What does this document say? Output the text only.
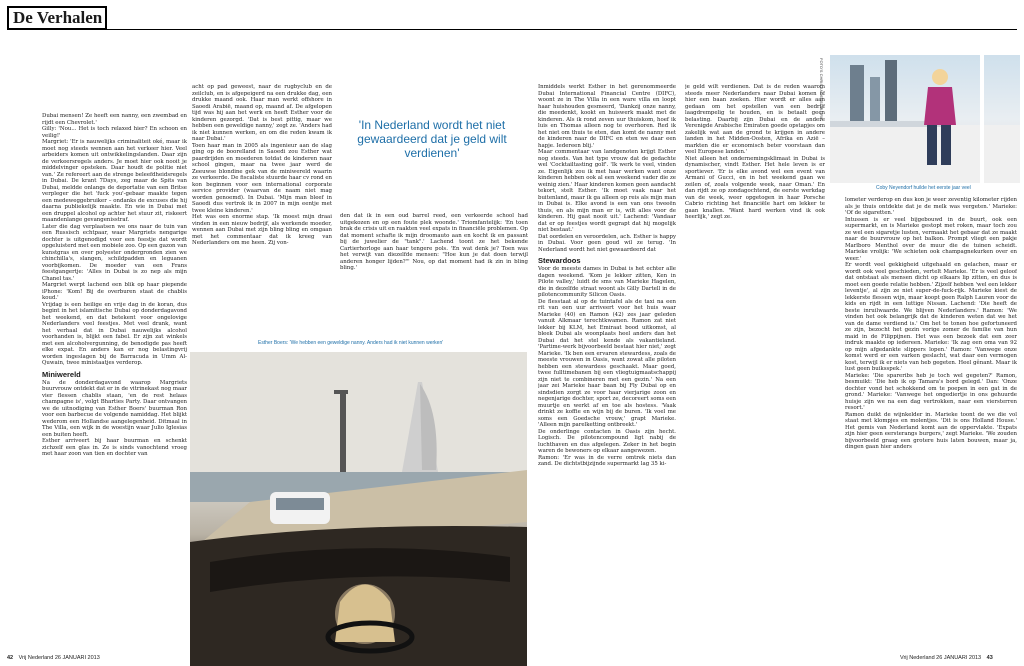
De Verhalen

Dubai mensen! Ze heeft een nanny, een zwembad en rijdt een Chevrolet.'

Gilly: 'Nou... Het is toch relaxed hier? En schoon en veilig!'

Margriet: 'Er is nauwelijks criminaliteit oké, maar ik moet nog steeds wennen aan het verkeer hier. Veel arbeiders komen uit ontwikkelingslanden. Daar zijn de verkeersregels anders. Je moet hier ook nooit je middelvinger opsteken. Daar houdt de politie niet van.' Ze refereert aan de strenge beleefdheidsregels in Dubai. De krant 7Days, zeg maar de Spits van Dubai, meldde onlangs de deportatie van een Britse verpleger die het 'fuck you'-gebaar maakte tegen een medeweggebruiker – ondanks de excuses die hij daarna publiekelijk maakte. En wie in Dubai met een druppel alcohol op achter het stuur zit, riskeert maandenlange gevangenisstraf.

Later die dag verplaatsen we ons naar de tuin van een Russisch echtpaar, waar Margriets nengarige dochter is uitgenodigd voor een feestje dat wordt opgeluisterd met een mobiele zoo. Op een gazon van kunstgras en over polyester ondergronden zien we chinchilla's, slangen, schildpadden en leguanen voorbijkomen. De moeder van een Frans feestgangertje: 'Alles in Dubai is zo nep als mijn Chanel tas.'

Margriet werpt lachend een blik op haar piepende iPhone: 'Kom! Bij de overburen staat de chablis koud.'

Vrijdag is een heilige en vrije dag in de koran, dus begint in het islamitische Dubai op donderdagavond het weekend, en dat betekent voor ongelovige Nederlanders veel feestjes. Met veel drank, want het verhaal dat in Dubai nauwelijks alcohol voorhanden is, blijkt een fabel. Er zijn zat winkels met een alcoholvergunning, de benodigde pas heeft elke expat. En anders kan er nog belastingvrij worden ingeslagen bij de Barracuda in Umm Al-Quwain, twee ministaatjes verderop.

Miniwereld

Na de donderdagavond waarop Margriets buurvrouw ontdekt dat er in de vitrinekast nog maar vier flessen chablis staan, 'en de rest helaas champagne is', volgt Bharties Party. Daar ontvangen we de uitnodiging van Esther Boers' buurman Ron voor een barbecue de volgende namiddag. Het blijkt wederom een Hollandse aangelegenheid. Ditmaal in The Villa, een wijk in de woestijn waar Julio Iglesias een buiten heeft.

Esther arriveert bij haar buurman en schenkt zichzelf een glas in. Ze is sinds vanochtend vroeg met haar zoon van tien en dochter van

acht op pad geweest, naar de rugbyclub en de zeilclub, en is afgepeigerd na een drukke dag, een drukke maand ook. Haar man werkt offshore in Saoedi Arabië, maand op, maand af. De afgelopen tijd was hij aan het werk en heeft Esther voor de kinderen gezorgd. 'Dat is best pittig, maar we hebben een geweldige nanny,' zegt ze. 'Anders had ik niet kunnen werken, en om die reden kwam ik naar Dubai.'

Toen haar man in 2005 als ingenieur aan de slag ging op de boorelland in Saoedi zou Esther wat paardrijden en moederen totdat de kinderen naar school gingen, maar na twee jaar werd de Zeeuwse blondine gek van de miniwereld waarin ze verkeerde. De fiscaliste stuurde haar cv rond en kon beginnen voor een international corporate service provider (waarvan de naam niet mag worden genoemd). In Dubai. 'Mijn man bleef in Saoedi dus vertrok ik in 2007 in mijn eentje met twee kleine kinderen.'

Het was een enorme stap. 'Ik moest mijn draai vinden in een nieuw bedrijf, als werkende moeder, wennen aan Dubai met zijn bling bling en omgaan met het commentaar dat ik kreeg van Nederlanders om me heen. Zij von-

'In Nederland wordt het niet gewaardeerd dat je geld wilt verdienen'

den dat ik in een oud barrel reed, een verkeerde school had uitgekozen en op een foute plek woonde.' Triomfantelijk: 'En toen brak de crisis uit en raakten veel expats in financiële problemen. Op dat moment schafte ik mijn droomauto aan en kocht ik en passant bij de juwelier de "tank".' Lachend toont ze het bekende Cartierhorloge aan haar tengere pols. 'En wat denk je? Toen was het verwijt van diezelfde mensen: "Hoe kun je dat doen terwijl anderen honger lijden?"' Nou, op dat moment had ik zin in bling bling.'

Esther Boers: 'We hebben een geweldige nanny. Anders had ik niet kunnen werken'

Inmiddels werkt Esther in het gerenommeerde Dubai International Financial Centre (DIFC), woont ze in The Villa in een ware villa en loopt haar huishouden gesmeerd, 'Dankzij onze nanny, die meedenkt, kookt en huiswerk maakt met de kinderen. Als ik rond zeven uur thuiskom, hoef ik luis en Thomas alleen nog te overhoren. Red ik het niet om thuis te eten, dan komt de nanny met de kinderen naar de DIFC en eten we daar een hapje. Iedereen blij.'

Maar commentaar van landgenoten krijgt Esther nog steeds. Van het type vrouw dat de gedachte wel 'Cocktailtasting golf'. 'Ik werk te veel, vinden ze. Eigenlijk zou ik met haar werken want onze kinderen hebben ook al een weekend vader die ze weinig zien.' Haar kinderen komen geen aandacht tekort, stelt Esther. 'Ik moet vaak naar het buitenland, maar ik ga alleen op reis als mijn man in Dubai is. Elke avond is een van ons tweeën thuis, en als mijn man er is, wilt alles voor de kinderen. Hij gaat nooit uit.' Lachend: 'Vandaar dat er op feestjes wordt gegrapt dat hij mogelijk niet bestaat.'

Dat oordelen en veroordelen, ach. Esther is happy in Dubai. Voor geen goud wil ze terug. 'In Nederland wordt het niet gewaardeerd dat

Stewardoos

Voor de meeste dames in Dubai is het echter alle dagen weekend. 'Kom je lekker zitten, Ken in Pilote valley,' luidt de sms van Marieke Hagelen, die in dezelfde straat woont als Gilly Dartell in de pilotencommunity Silicon Oasis.

De flesstaat al op de tuintafel als de taxi na een rit van een uur arriveert voor het huis waar Marieke (40) en Ramon (42) zes jaar geleden vanuit Alkmaar terechtkwamen. Ramon zat niet lekker bij KLM, het Emiraat bood uitkomst, al bleek Dubai als woonplaats heel anders dan het Dubai dat het stel kende als vakantieland. 'Partime-werk bijvoorbeeld bestaat hier niet,' zegt Marieke. 'Ik ben een ervaren stewardess, zoals de meeste vrouwen in Oasis, want zowat alle piloten hebben een stewardess geschaakt. Maar goed, twee fulltimebanen bij een vliegtuigmaatschappij zijn niet te combineren met een gezin.' Na een jaar zei Marieke haar baan bij Fly Dubai op en sindsdien zorgt ze voor haar vierjarige zoon en negenjarige dochter, sport ze, decoreert soms een muurtje en werkt af en toe als hostess. 'Vaak drinkt ze koffie en wijn bij de buren. 'Ik voel me soms een Goedsche vrouw,' grapt Marieke. 'Alleen mijn parelketting ontbreekt.'

De onderlinge contacten in Oasis zijn hecht. Logisch. De pilotencompound ligt nabij de luchthaven en dus afgelegen. Zeker in het begin waren de bewoners op elkaar aangewezen.

Ramon: 'Er was in de verre omtrek niets dan zand. De dichtstbijzijnde supermarkt lag 35 ki-

je geld wilt verdienen. Dat is de reden waarom steeds meer Nederlanders naar Dubai komen of hier een baan zoeken. Hier wordt er alles aan gedaan om het opstellen van een bedrijf laagdrempelig te houden, en is betaalt geen belasting. Daarbij zijn Dubai en de andere Verenigde Arabische Emiraten goede opstapjes om zakelijk wat aan de grond te krijgen in andere landen in het Midden-Oosten, Afrika en Azië – markten die er economisch beter voorstaan dan veel Europese landen.'

Niet alleen het ondernemingsklimaat in Dubai is dynamischer, vindt Esther. Het hele leven is er sportiever. 'Er is elke avond wel een event van Armani of Gucci, en in het weekend gaan we zeilen of, zoals volgende week, naar Oman.' En dan rijdt ze op zondagochtend, de eerste werkdag van de week, weer opgetogen in haar Porsche Cabrio richting het financiële hart om lekker te gaan knallen. 'Want hard werken vind ik ook heerlijk,' zegt ze.

FOTO'S CHRIS ANDERSON / IRIS
Coby Neyendorf huilde het eerste jaar veel

lometer verderop en dus kon je weer zeventig kilometer rijden als je thuis ontdekte dat je de melk was vergeten.' Marieke: 'Of de sigaretten.'

Intussen is er veel bijgebouwd in de buurt, ook een supermarkt, en is Marieke gestopt met roken, maar toch zou ze wel een sigaretje lusten, vermaakt het gebaar dat ze maakt naar de buurvrouw op het balkon. Prompt vliegt een pakje Marlboro Menthol over de muur die de tuinen scheidt. Marieke vrolijk: 'We schieten ook champagnekurken over en weer.'

Er wordt veel gekkigheid uitgehaald en gelachen, maar er wordt ook veel geschieden, vertelt Marieke. 'Er is veel geloof dat ontstaat als mensen dicht op elkaars lip zitten, en dus is moet een goede relatie hebben.' Zijzelf hebben 'wel een lekker leventje', al zijn ze niet super-de-fuck-rijk. Marieke kiest de lekkerste flessen wijn, maar koopt geen Ralph Lauren voor de kids en rijdt in een luttige Nissan. Lachend: 'Die heeft de beste inruilwaarde. We blijven Nederlanders.' Ramon: 'We vinden het ook belangrijk dat de kinderen weten dat we het van de dame verdiend is.' Om het te tonen hoe gefortuneerd ze zijn, bezocht het gezin vorige zomer de familie van hun maid in de Filippijnen. Het was een bezoek dat een zeer indruk maakte op iedereen. Marieke: 'Ik zag een oma van 92 op mijn afgedankte slippers lopen.' Ramon: 'Vanwege onze komst werd er een varken geslacht, wat daar een vermogen kost, terwijl ik er niets van heb gegeten. Heel gênant. Maar ik lust geen buiksspek.'

Marieke: 'Die spareribs heb je toch wel gegeten?' Ramon, besmuikt: 'Die heb ik op Tamara's bord gelegd.' Dan: 'Onze dochter vond het schokkend om te poepen in een gat in de grond.' Marieke: 'Vanwege het ongediertje in ons gehuurde huisje zijn we na een dag vertrokken, naar een viersterren resort.'

Ramon duikt de wijnkelder in. Marieke toont de we die vol staat met klompjes en molentjes. 'Dit is ons Holland House.' Het gemis van Nederland komt aan de oppervlakte. 'Expats zijn hier geen eersterangs burgers,' zegt Marieke. 'We zouden bijvoorbeeld graag een grotere huis laten bouwen, maar ja, dingen gaan hier anders

42 Vrij Nederland 26 JANUARI 2013	Vrij Nederland 26 JANUARI 2013 43
